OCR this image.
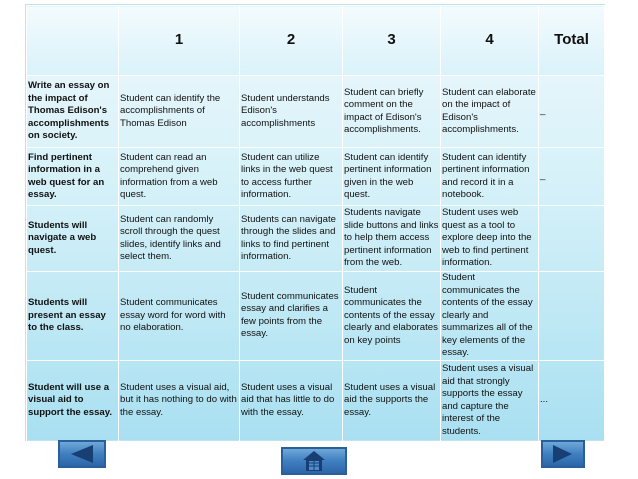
	1	2	3	4	Total
Write an essay on the impact of Thomas Edison's accomplishments on society.	Student can identify the accomplishments of Thomas Edison	Student understands Edison's accomplishments	Student can briefly comment on the impact of Edison's accomplishments.	Student can elaborate on the impact of Edison's accomplishments.	_
Find pertinent information in a web quest for an essay.	Student can read an comprehend given information from a web quest.	Student can utilize links in the web quest to access further information.	Student can identify pertinent information given in the web quest.	Student can identify pertinent information and record it in a notebook.	_
Students will navigate a web quest.	Student can randomly scroll through the quest slides, identify links and select them.	Students can navigate through the slides and links to find pertinent information.	Students navigate slide buttons and links to help them access pertinent information from the web.	Student uses web quest as a tool to explore deep into the web to find pertinent information.	
Students will present an essay to the class.	Student communicates essay word for word with no elaboration.	Student communicates essay and clarifies a few points from the essay.	Student communicates the contents of the essay clearly and elaborates on key points	Student communicates the contents of the essay clearly and summarizes all of the key elements of the essay.	
Student will use a visual aid to support the essay.	Student uses a visual aid, but it has nothing to do with the essay.	Student uses a visual aid that has little to do with the essay.	Student uses a visual aid the supports the essay.	Student uses a visual aid that strongly supports the essay and capture the interest of the students.	...
